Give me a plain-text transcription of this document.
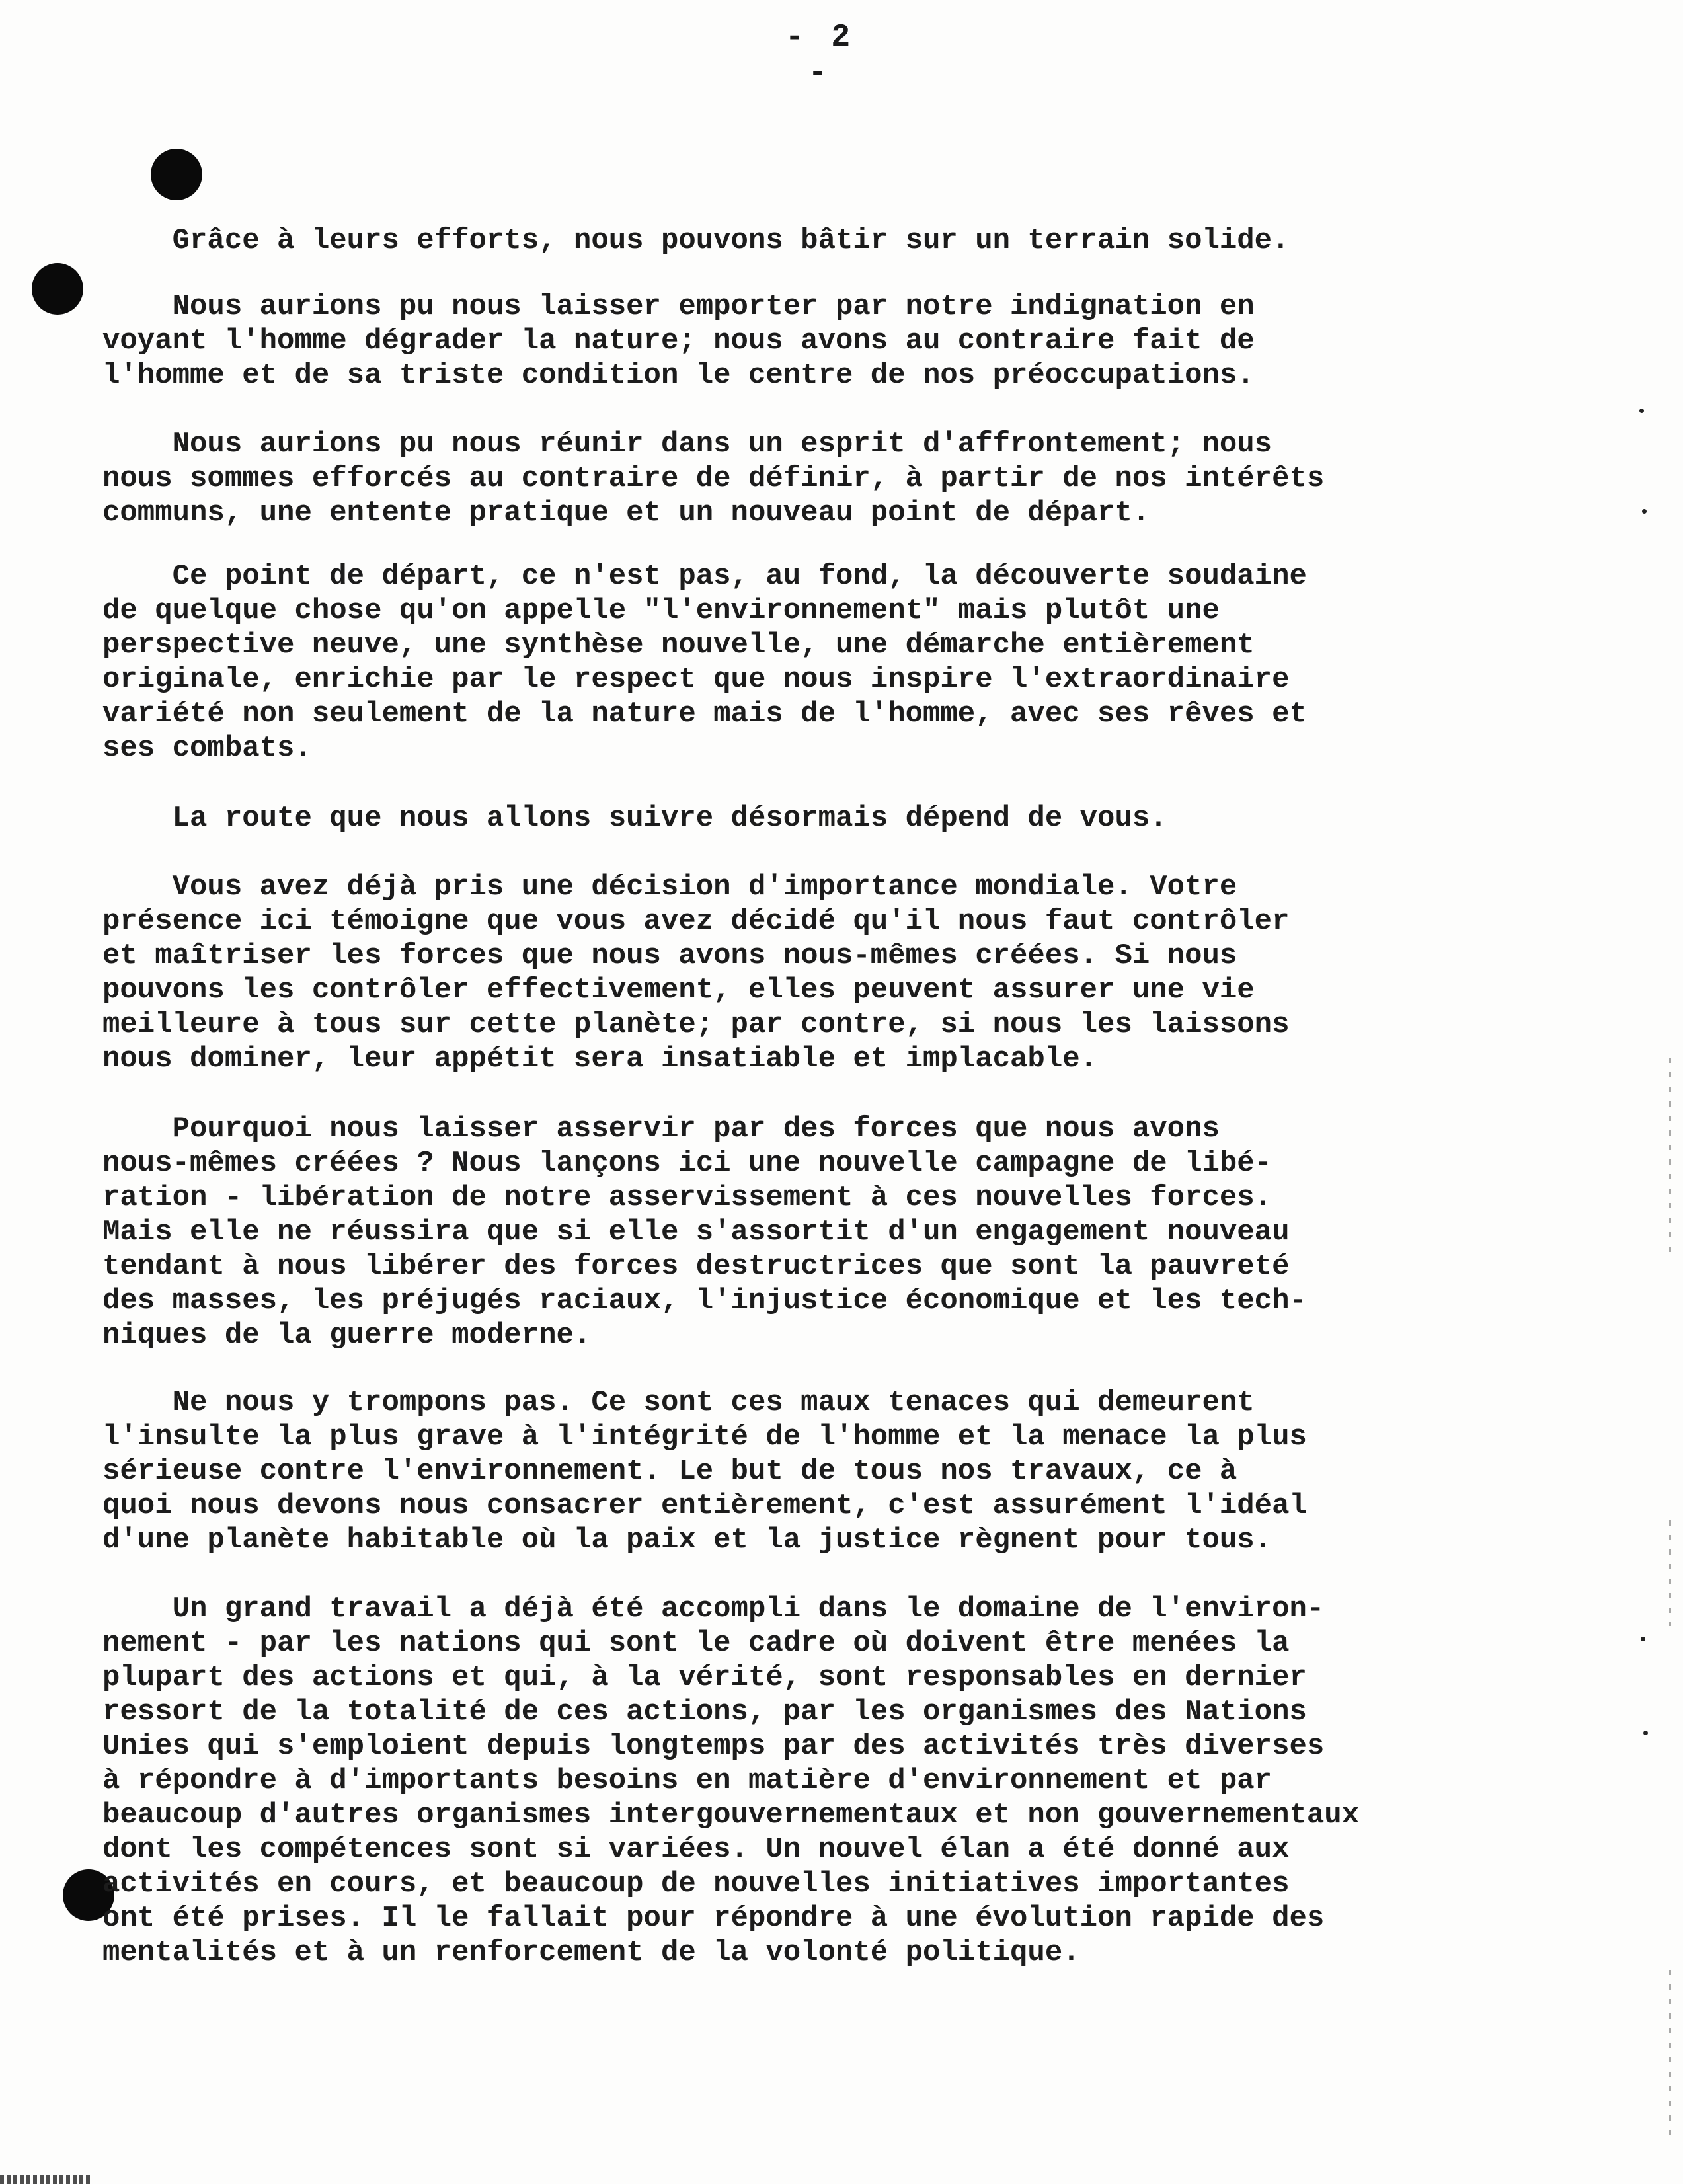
- 2 -

Grâce à leurs efforts, nous pouvons bâtir sur un terrain solide.

Nous aurions pu nous laisser emporter par notre indignation en
voyant l'homme dégrader la nature; nous avons au contraire fait de
l'homme et de sa triste condition le centre de nos préoccupations.

Nous aurions pu nous réunir dans un esprit d'affrontement; nous
nous sommes efforcés au contraire de définir, à partir de nos intérêts
communs, une entente pratique et un nouveau point de départ.

Ce point de départ, ce n'est pas, au fond, la découverte soudaine
de quelque chose qu'on appelle "l'environnement" mais plutôt une
perspective neuve, une synthèse nouvelle, une démarche entièrement
originale, enrichie par le respect que nous inspire l'extraordinaire
variété non seulement de la nature mais de l'homme, avec ses rêves et
ses combats.

La route que nous allons suivre désormais dépend de vous.

Vous avez déjà pris une décision d'importance mondiale. Votre
présence ici témoigne que vous avez décidé qu'il nous faut contrôler
et maîtriser les forces que nous avons nous-mêmes créées. Si nous
pouvons les contrôler effectivement, elles peuvent assurer une vie
meilleure à tous sur cette planète; par contre, si nous les laissons
nous dominer, leur appétit sera insatiable et implacable.

Pourquoi nous laisser asservir par des forces que nous avons
nous-mêmes créées ? Nous lançons ici une nouvelle campagne de libé-
ration - libération de notre asservissement à ces nouvelles forces.
Mais elle ne réussira que si elle s'assortit d'un engagement nouveau
tendant à nous libérer des forces destructrices que sont la pauvreté
des masses, les préjugés raciaux, l'injustice économique et les tech-
niques de la guerre moderne.

Ne nous y trompons pas. Ce sont ces maux tenaces qui demeurent
l'insulte la plus grave à l'intégrité de l'homme et la menace la plus
sérieuse contre l'environnement. Le but de tous nos travaux, ce à
quoi nous devons nous consacrer entièrement, c'est assurément l'idéal
d'une planète habitable où la paix et la justice règnent pour tous.

Un grand travail a déjà été accompli dans le domaine de l'environ-
nement - par les nations qui sont le cadre où doivent être menées la
plupart des actions et qui, à la vérité, sont responsables en dernier
ressort de la totalité de ces actions, par les organismes des Nations
Unies qui s'emploient depuis longtemps par des activités très diverses
à répondre à d'importants besoins en matière d'environnement et par
beaucoup d'autres organismes intergouvernementaux et non gouvernementaux
dont les compétences sont si variées. Un nouvel élan a été donné aux
activités en cours, et beaucoup de nouvelles initiatives importantes
ont été prises. Il le fallait pour répondre à une évolution rapide des
mentalités et à un renforcement de la volonté politique.
